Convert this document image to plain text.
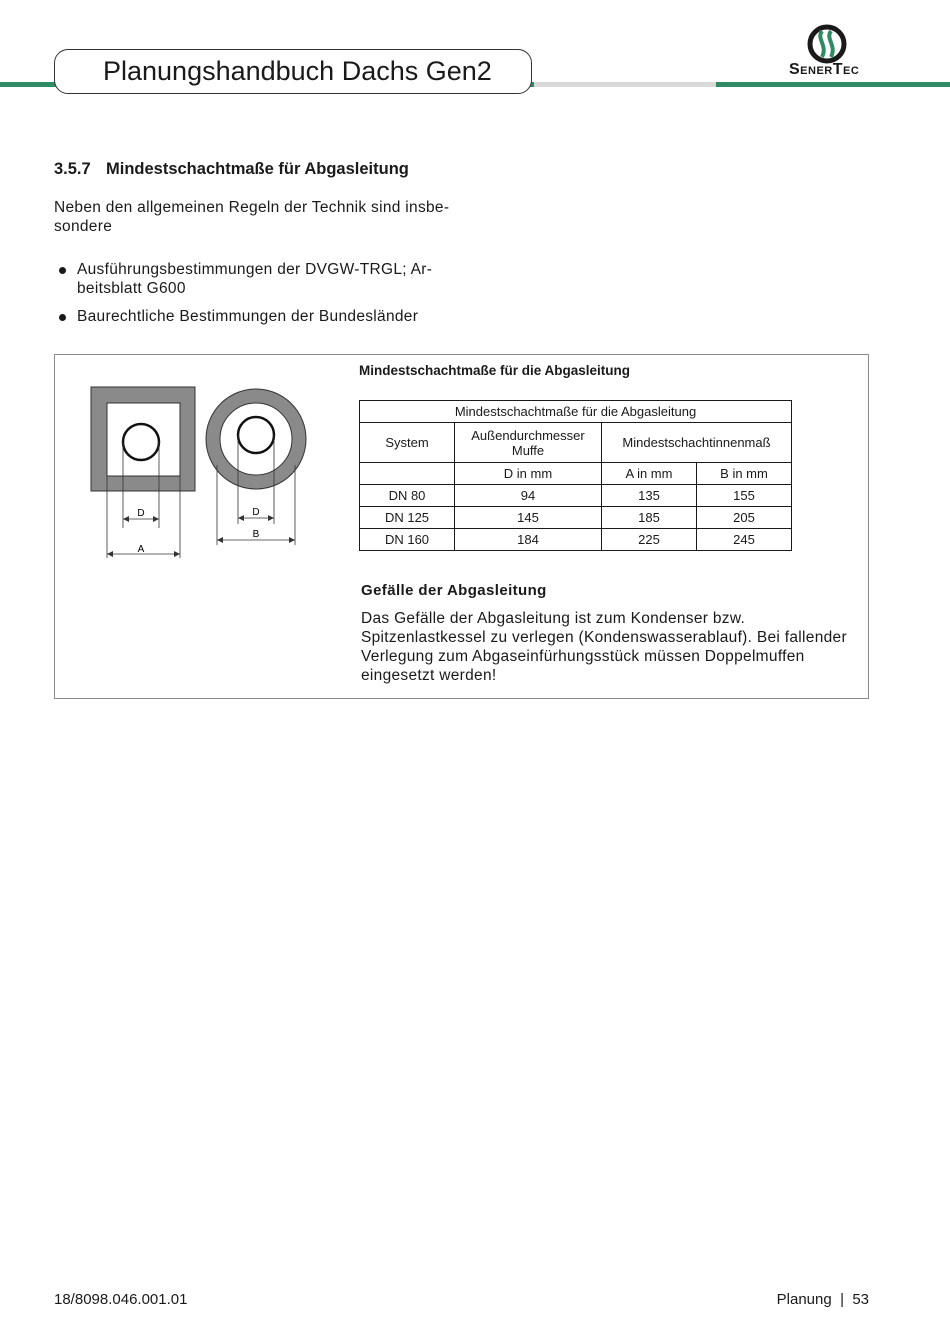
Planungshandbuch Dachs Gen2	SenerTec
3.5.7 Mindestschachtmaße für Abgasleitung
Neben den allgemeinen Regeln der Technik sind insbe-
sondere
Ausführungsbestimmungen der DVGW-TRGL; Ar-
beitsblatt G600
Baurechtliche Bestimmungen der Bundesländer
D
A
D
B
Mindestschachtmaße für die Abgasleitung
Mindestschachtmaße für die Abgasleitung			
System	Außendurchmesser Muffe	Mindestschachtinnenmaß	
	D in mm	A in mm	B in mm
DN 80	94	135	155
DN 125	145	185	205
DN 160	184	225	245
Gefälle der Abgasleitung
Das Gefälle der Abgasleitung ist zum Kondenser bzw.
Spitzenlastkessel zu verlegen (Kondenswasserablauf). Bei fallender
Verlegung zum Abgaseinfürhungsstück müssen Doppelmuffen
eingesetzt werden!
18/8098.046.001.01	Planung | 53
